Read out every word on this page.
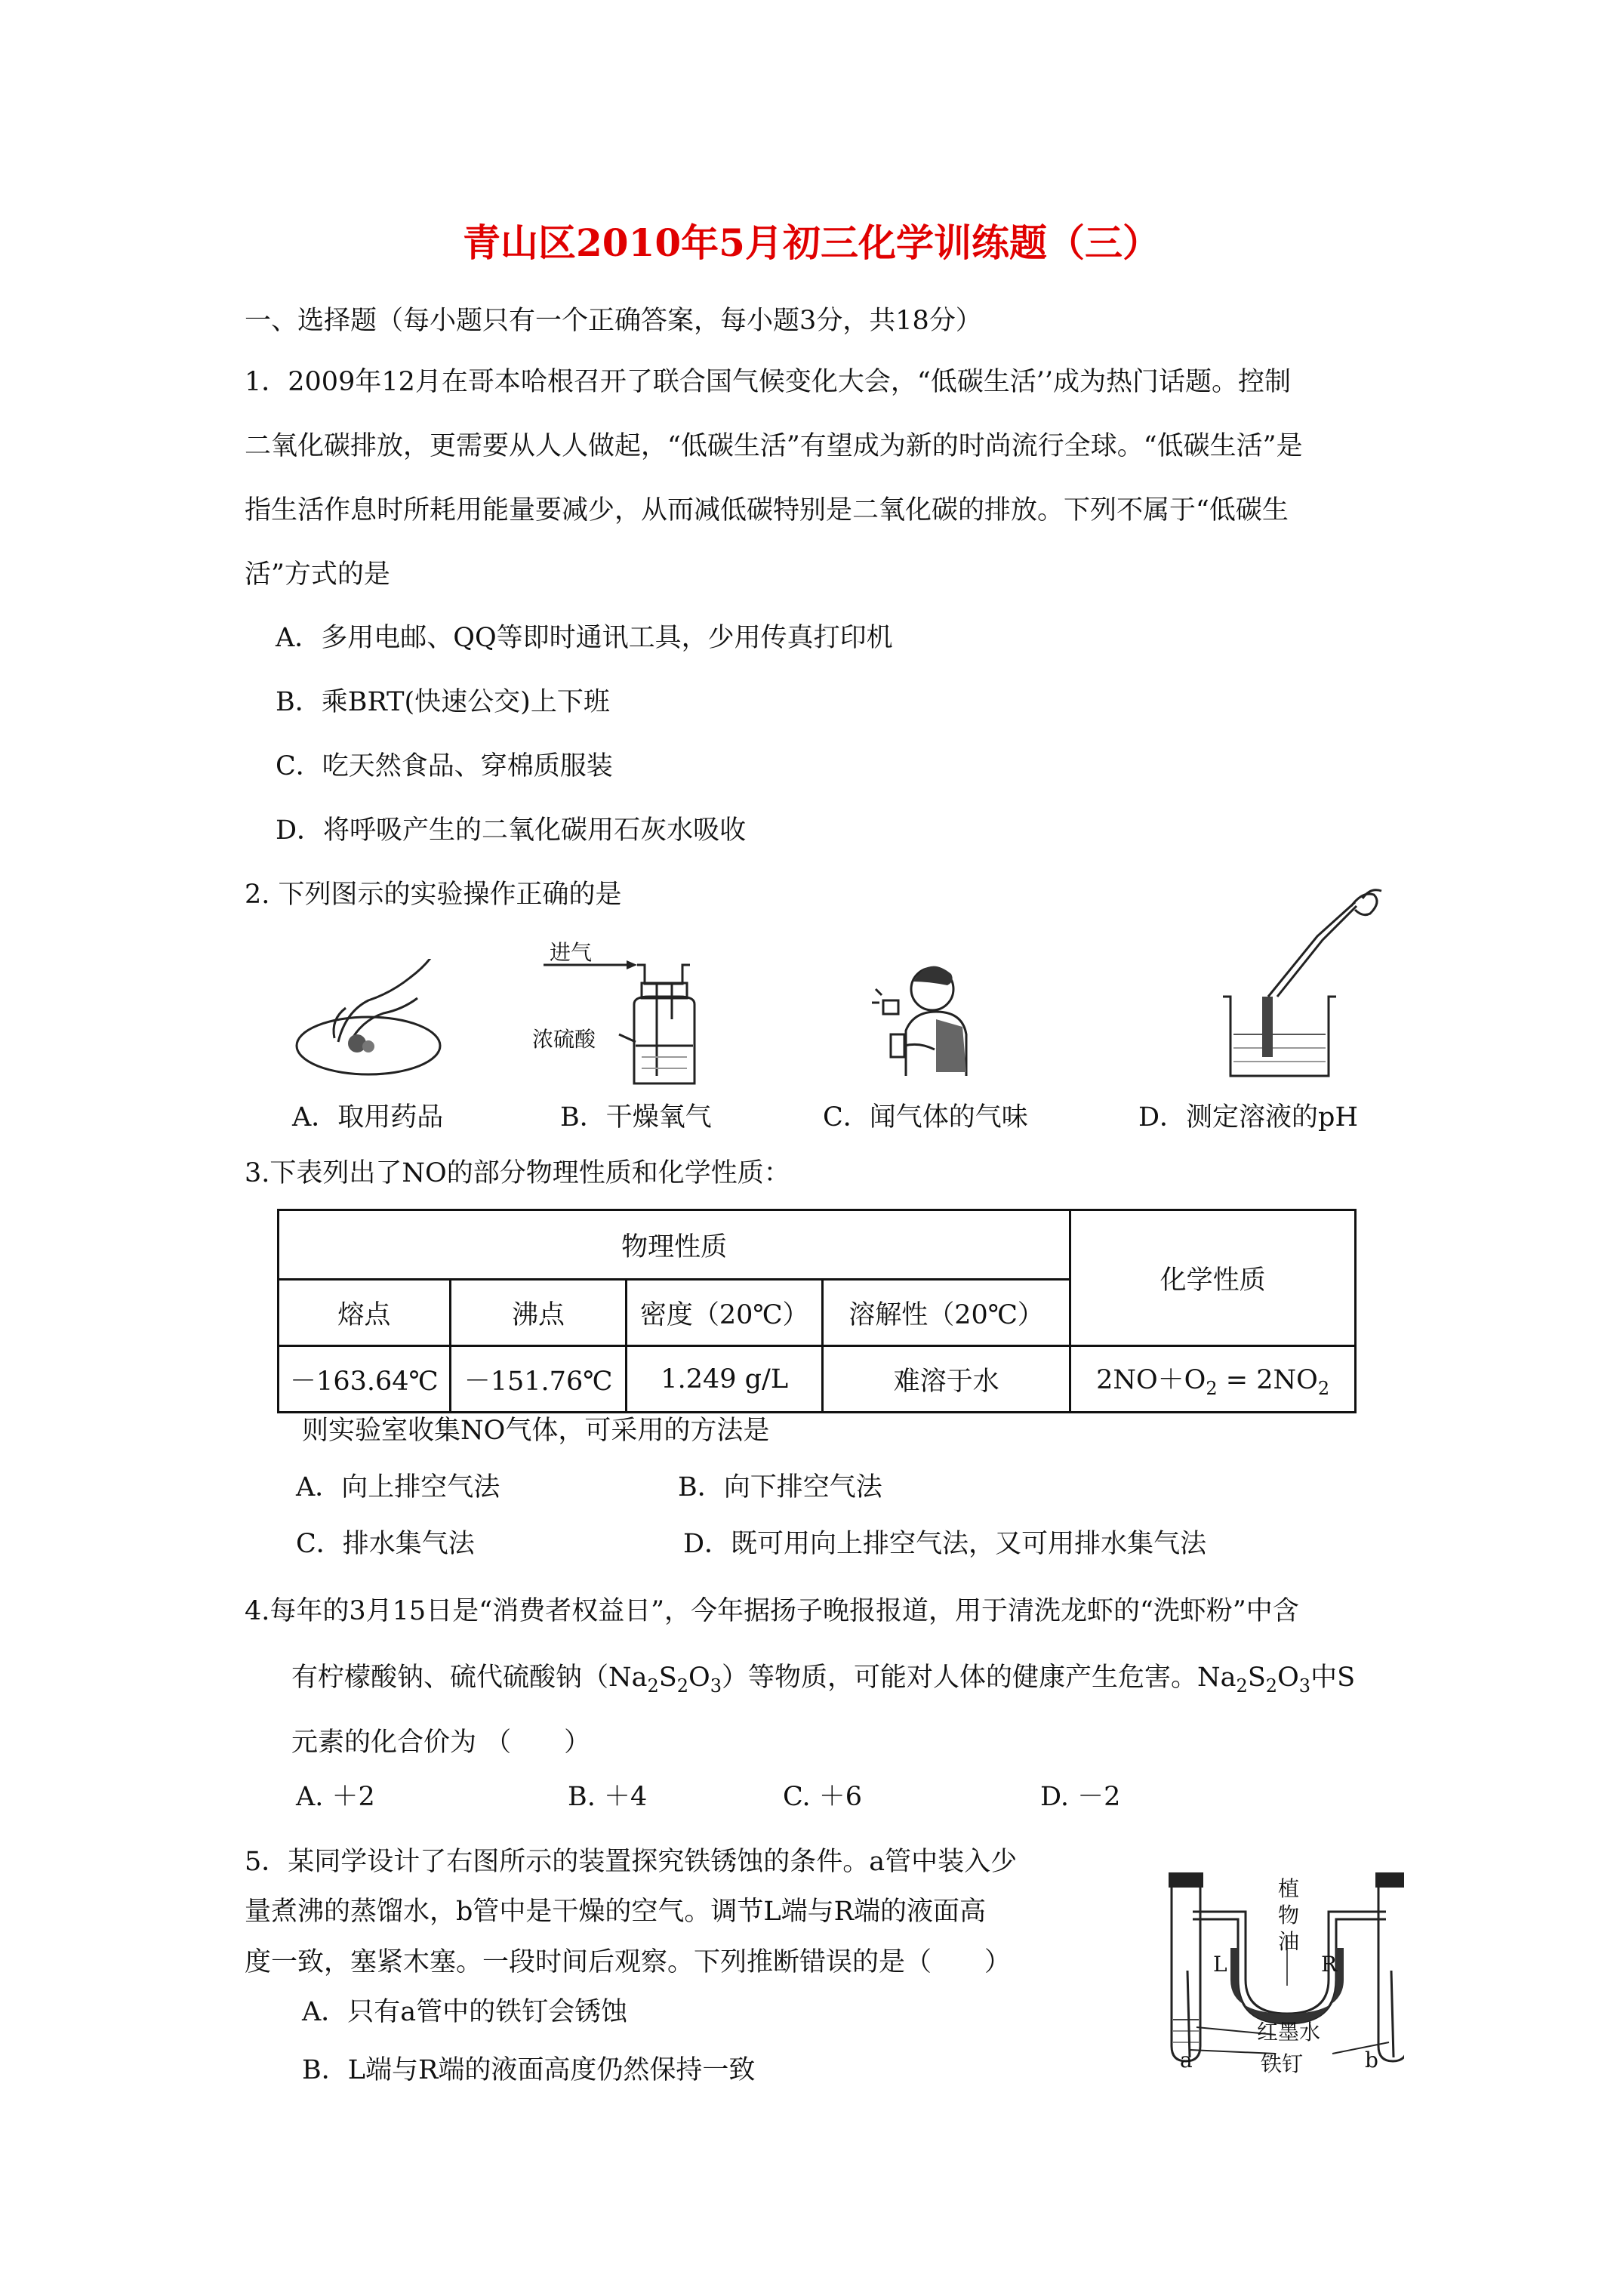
青山区2010年5月初三化学训练题（三）
一、选择题（每小题只有一个正确答案，每小题3分，共18分）
1．2009年12月在哥本哈根召开了联合国气候变化大会，“低碳生活’’成为热门话题。控制
二氧化碳排放，更需要从人人做起，“低碳生活”有望成为新的时尚流行全球。“低碳生活”是
指生活作息时所耗用能量要减少，从而减低碳特别是二氧化碳的排放。下列不属于“低碳生
活”方式的是
A．多用电邮、QQ等即时通讯工具，少用传真打印机
B．乘BRT(快速公交)上下班
C．吃天然食品、穿棉质服装
D．将呼吸产生的二氧化碳用石灰水吸收
2. 下列图示的实验操作正确的是
进气
浓硫酸
A．取用药品	B．干燥氧气	C．闻气体的气味	D．测定溶液的pH
3.下表列出了NO的部分物理性质和化学性质：
物理性质				化学性质
熔点	沸点	密度（20℃）	溶解性（20℃）	
－163.64℃	－151.76℃	1.249 g/L	难溶于水	$2NO+O_2 = 2NO_2$
则实验室收集NO气体，可采用的方法是
A．向上排空气法	B．向下排空气法
C．排水集气法	D．既可用向上排空气法，又可用排水集气法
4.每年的3月15日是“消费者权益日”，今年据扬子晚报报道，用于清洗龙虾的“洗虾粉”中含
有柠檬酸钠、硫代硫酸钠$(Na_2S_2O_3)$等物质，可能对人体的健康产生危害。$Na_2S_2O_3$中S
元素的化合价为 （　　）
A. ＋2	B. ＋4	C. ＋6	D. －2
5．某同学设计了右图所示的装置探究铁锈蚀的条件。a管中装入少
量煮沸的蒸馏水，b管中是干燥的空气。调节L端与R端的液面高
度一致，塞紧木塞。一段时间后观察。下列推断错误的是（　　）
A．只有a管中的铁钉会锈蚀
B．L端与R端的液面高度仍然保持一致
植
物
油
L	R
红墨水
铁钉
a	b
